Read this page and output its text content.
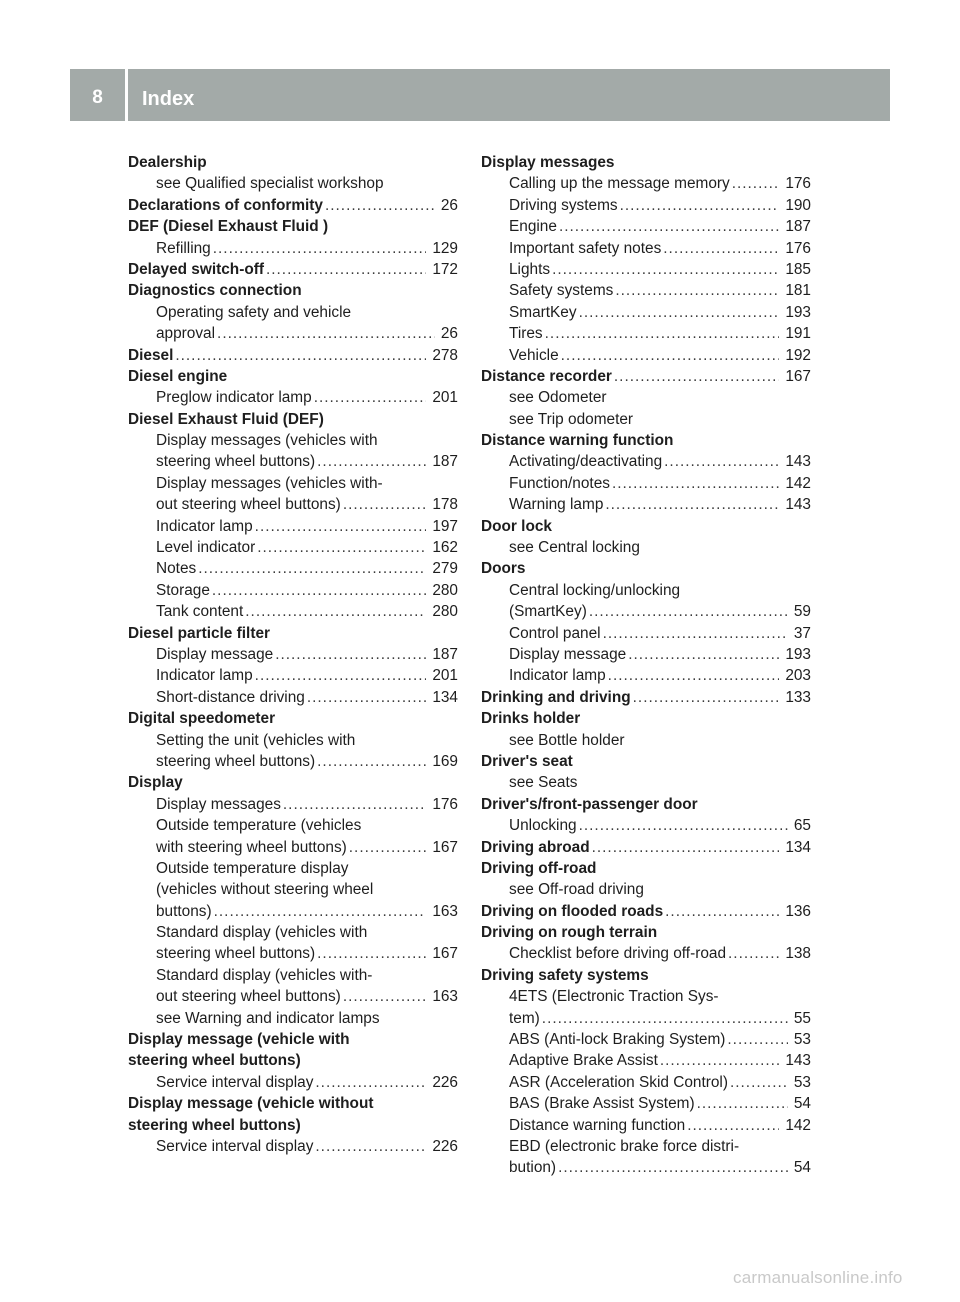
8	Index
Dealership
see Qualified specialist workshop
Declarations of conformity .....	26
DEF (Diesel Exhaust Fluid )
Refilling .....	129
Delayed switch-off .....	172
Diagnostics connection
Operating safety and vehicle
approval .....	26
Diesel .....	278
Diesel engine
Preglow indicator lamp .....	201
Diesel Exhaust Fluid (DEF)
Display messages (vehicles with
steering wheel buttons) .....	187
Display messages (vehicles with-
out steering wheel buttons) .....	178
Indicator lamp .....	197
Level indicator .....	162
Notes .....	279
Storage .....	280
Tank content .....	280
Diesel particle filter
Display message .....	187
Indicator lamp .....	201
Short-distance driving .....	134
Digital speedometer
Setting the unit (vehicles with
steering wheel buttons) .....	169
Display
Display messages .....	176
Outside temperature (vehicles
with steering wheel buttons) .....	167
Outside temperature display
(vehicles without steering wheel
buttons) .....	163
Standard display (vehicles with
steering wheel buttons) .....	167
Standard display (vehicles with-
out steering wheel buttons) .....	163
see Warning and indicator lamps
Display message (vehicle with
steering wheel buttons)
Service interval display .....	226
Display message (vehicle without
steering wheel buttons)
Service interval display .....	226
Display messages
Calling up the message memory .....	176
Driving systems .....	190
Engine .....	187
Important safety notes .....	176
Lights .....	185
Safety systems .....	181
SmartKey .....	193
Tires .....	191
Vehicle .....	192
Distance recorder .....	167
see Odometer
see Trip odometer
Distance warning function
Activating/deactivating .....	143
Function/notes .....	142
Warning lamp .....	143
Door lock
see Central locking
Doors
Central locking/unlocking
(SmartKey) .....	59
Control panel .....	37
Display message .....	193
Indicator lamp .....	203
Drinking and driving .....	133
Drinks holder
see Bottle holder
Driver's seat
see Seats
Driver's/front-passenger door
Unlocking .....	65
Driving abroad .....	134
Driving off-road
see Off-road driving
Driving on flooded roads .....	136
Driving on rough terrain
Checklist before driving off-road .....	138
Driving safety systems
4ETS (Electronic Traction Sys-
tem) .....	55
ABS (Anti-lock Braking System) .....	53
Adaptive Brake Assist .....	143
ASR (Acceleration Skid Control) .....	53
BAS (Brake Assist System) .....	54
Distance warning function .....	142
EBD (electronic brake force distri-
bution) .....	54
carmanualsonline.info
